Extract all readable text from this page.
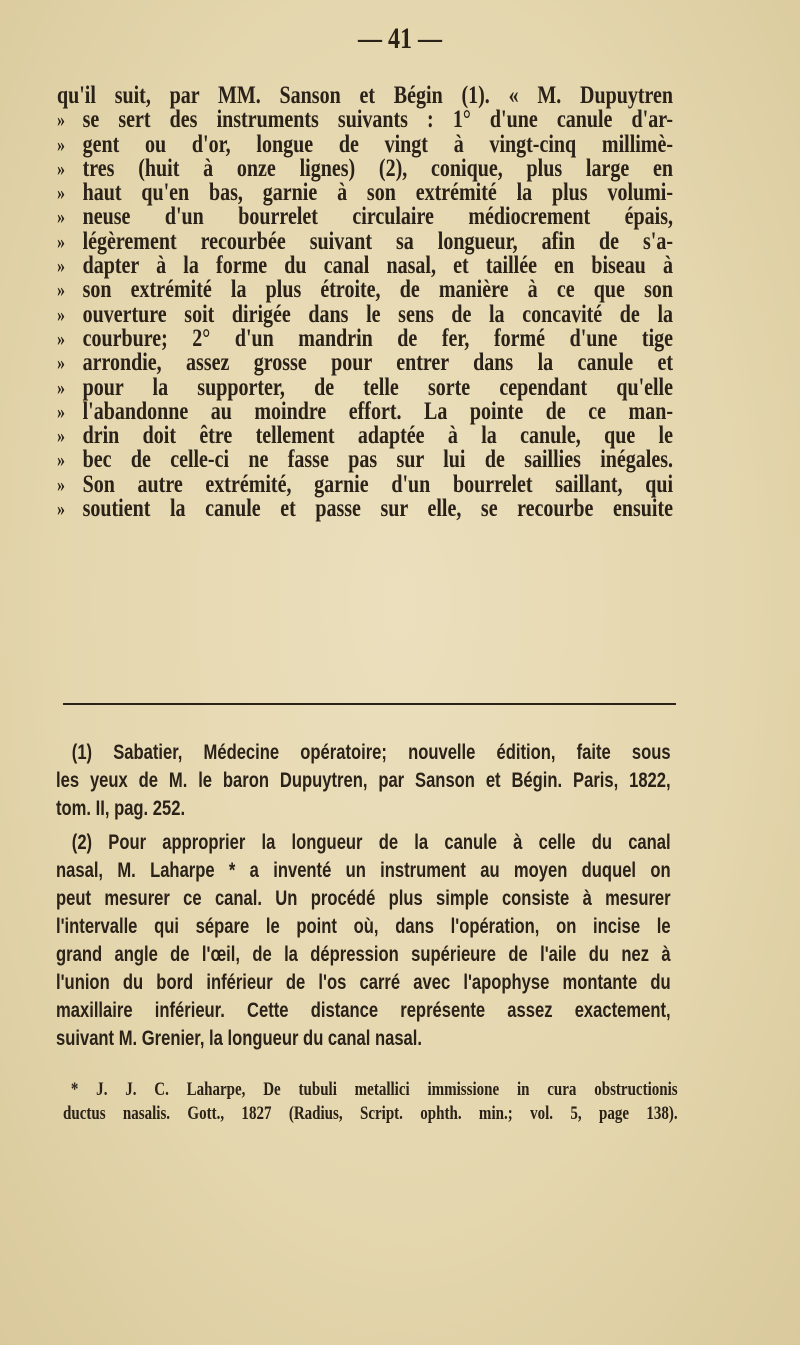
— 41 —
qu'il suit, par MM. Sanson et Bégin (1). « M. Dupuytren
» se sert des instruments suivants : 1° d'une canule d'ar-
» gent ou d'or, longue de vingt à vingt-cinq millimè-
» tres (huit à onze lignes) (2), conique, plus large en
» haut qu'en bas, garnie à son extrémité la plus volumi-
» neuse d'un bourrelet circulaire médiocrement épais,
» légèrement recourbée suivant sa longueur, afin de s'a-
» dapter à la forme du canal nasal, et taillée en biseau à
» son extrémité la plus étroite, de manière à ce que son
» ouverture soit dirigée dans le sens de la concavité de la
» courbure; 2° d'un mandrin de fer, formé d'une tige
» arrondie, assez grosse pour entrer dans la canule et
» pour la supporter, de telle sorte cependant qu'elle
» l'abandonne au moindre effort. La pointe de ce man-
» drin doit être tellement adaptée à la canule, que le
» bec de celle-ci ne fasse pas sur lui de saillies inégales.
» Son autre extrémité, garnie d'un bourrelet saillant, qui
» soutient la canule et passe sur elle, se recourbe ensuite
(1) Sabatier, Médecine opératoire; nouvelle édition, faite sous
les yeux de M. le baron Dupuytren, par Sanson et Bégin. Paris, 1822,
tom. II, pag. 252.
(2) Pour approprier la longueur de la canule à celle du canal
nasal, M. Laharpe * a inventé un instrument au moyen duquel on
peut mesurer ce canal. Un procédé plus simple consiste à mesurer
l'intervalle qui sépare le point où, dans l'opération, on incise le
grand angle de l'œil, de la dépression supérieure de l'aile du nez à
l'union du bord inférieur de l'os carré avec l'apophyse montante du
maxillaire inférieur. Cette distance représente assez exactement,
suivant M. Grenier, la longueur du canal nasal.
* J. J. C. Laharpe, De tubuli metallici immissione in cura obstructionis
ductus nasalis. Gott., 1827 (Radius, Script. ophth. min.; vol. 5, page 138).
